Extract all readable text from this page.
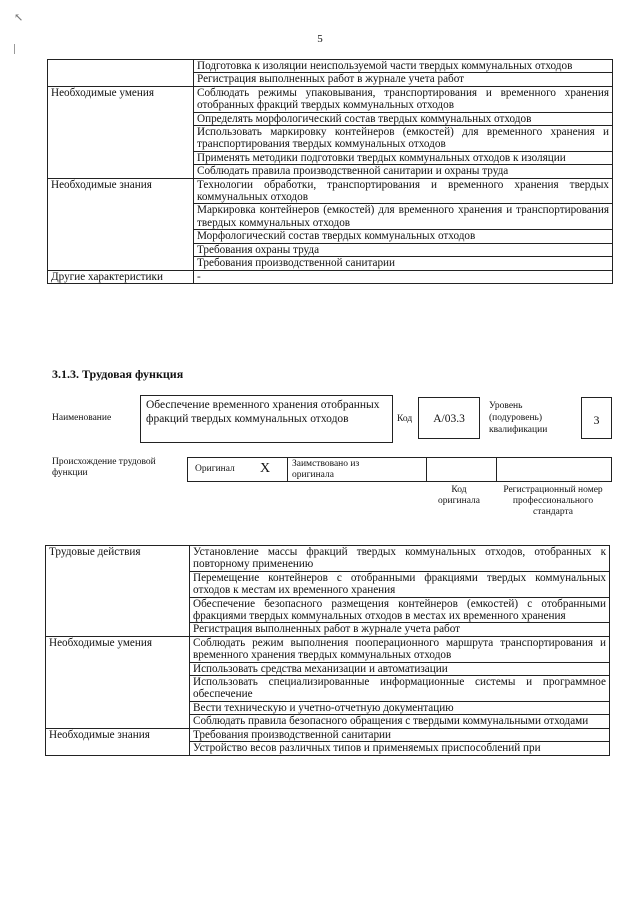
↖
5
	Подготовка к изоляции неиспользуемой части твердых коммунальных отходов
	Регистрация выполненных работ в журнале учета работ
Необходимые умения	Соблюдать режимы упаковывания, транспортирования и временного хранения отобранных фракций твердых коммунальных отходов
	Определять морфологический состав твердых коммунальных отходов
	Использовать маркировку контейнеров (емкостей) для временного хранения и транспортирования твердых коммунальных отходов
	Применять методики подготовки твердых коммунальных отходов к изоляции
	Соблюдать правила производственной санитарии и охраны труда
Необходимые знания	Технологии обработки, транспортирования и временного хранения твердых коммунальных отходов
	Маркировка контейнеров (емкостей) для временного хранения и транспортирования твердых коммунальных отходов
	Морфологический состав твердых коммунальных отходов
	Требования охраны труда
	Требования производственной санитарии
Другие характеристики	-
3.1.3. Трудовая функция
Наименование
Обеспечение временного хранения отобранных фракций твердых коммунальных отходов	Код	А/03.3
Уровень (подуровень) квалификации
3
Происхождение трудовой функции	Оригинал X Заимствовано из оригинала
Код оригинала
Регистрационный номер профессионального стандарта
Трудовые действия	Установление массы фракций твердых коммунальных отходов, отобранных к повторному применению
	Перемещение контейнеров с отобранными фракциями твердых коммунальных отходов к местам их временного хранения
	Обеспечение безопасного размещения контейнеров (емкостей) с отобранными фракциями твердых коммунальных отходов в местах их временного хранения
	Регистрация выполненных работ в журнале учета работ
Необходимые умения	Соблюдать режим выполнения пооперационного маршрута транспортирования и временного хранения твердых коммунальных отходов
	Использовать средства механизации и автоматизации
	Использовать специализированные информационные системы и программное обеспечение
	Вести техническую и учетно-отчетную документацию
	Соблюдать правила безопасного обращения с твердыми коммунальными отходами
Необходимые знания	Требования производственной санитарии
	Устройство весов различных типов и применяемых приспособлений при
